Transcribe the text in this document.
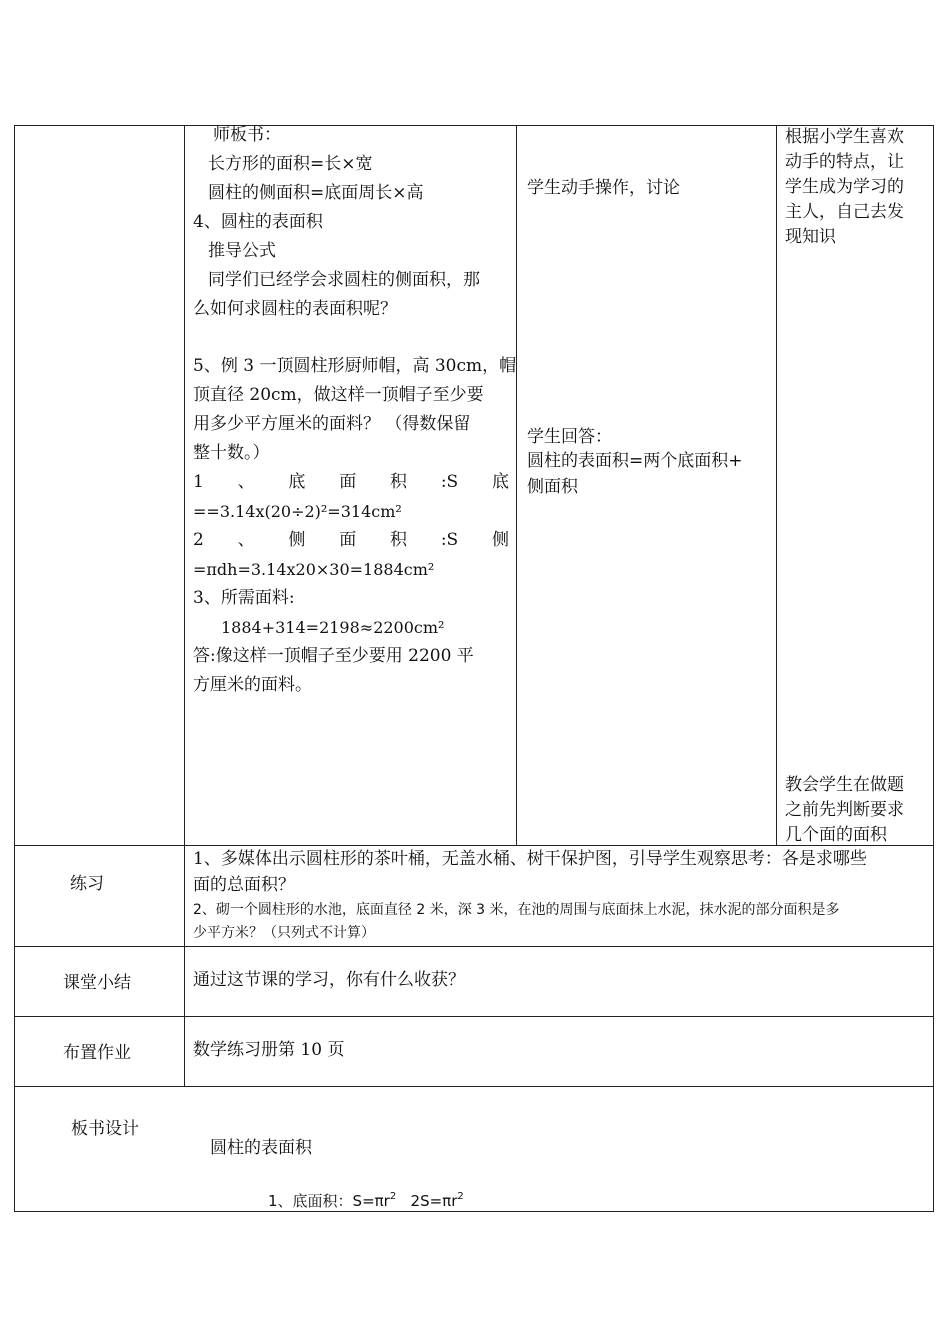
师板书：
长方形的面积=长×宽
圆柱的侧面积=底面周长×高
4、圆柱的表面积
推导公式
同学们已经学会求圆柱的侧面积，那
么如何求圆柱的表面积呢？
5、例 3 一顶圆柱形厨师帽，高 30cm，帽
顶直径 20cm，做这样一顶帽子至少要
用多少平方厘米的面料？ （得数保留
整十数。）
1 、 底 面 积 :S 底
==3.14x(20÷2)²=314cm²
2 、 侧 面 积 :S 侧
=πdh=3.14x20×30=1884cm²
3、所需面料:
1884+314=2198≈2200cm²
答:像这样一顶帽子至少要用 2200 平
方厘米的面料。
学生动手操作，讨论
学生回答：
圆柱的表面积=两个底面积+
侧面积
根据小学生喜欢
动手的特点，让
学生成为学习的
主人，自己去发
现知识
教会学生在做题
之前先判断要求
几个面的面积
练习
1、多媒体出示圆柱形的茶叶桶，无盖水桶、树干保护图，引导学生观察思考：各是求哪些
面的总面积？
2、砌一个圆柱形的水池，底面直径 2 米，深 3 米，在池的周围与底面抹上水泥，抹水泥的部分面积是多
少平方米？（只列式不计算）
课堂小结	通过这节课的学习，你有什么收获？
布置作业	数学练习册第 10 页
板书设计
圆柱的表面积
1、底面积：$S=\pi r^2$ $2S=\pi r^2$
